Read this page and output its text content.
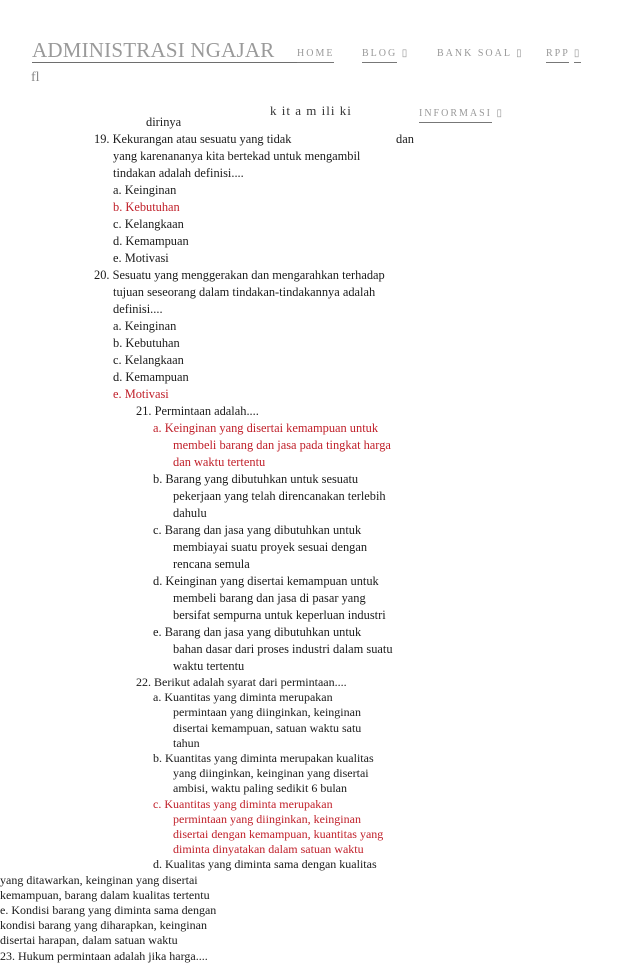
ADMINISTRASI NGAJAR
fl
HOME	BLOG ▯	BANK SOAL ▯ RPP ▯
INFORMASI ▯
k it a m ili ki
dirinya
19. Kekurangan atau sesuatu yang tidak	dan
yang karenananya kita bertekad untuk mengambil
tindakan adalah definisi....
a. Keinginan
b. Kebutuhan
c. Kelangkaan
d. Kemampuan
e. Motivasi
20. Sesuatu yang menggerakan dan mengarahkan terhadap
tujuan seseorang dalam tindakan-tindakannya adalah
definisi....
a. Keinginan
b. Kebutuhan
c. Kelangkaan
d. Kemampuan
e. Motivasi
21. Permintaan adalah....
a. Keinginan yang disertai kemampuan untuk
membeli barang dan jasa pada tingkat harga
dan waktu tertentu
b. Barang yang dibutuhkan untuk sesuatu
pekerjaan yang telah direncanakan terlebih
dahulu
c. Barang dan jasa yang dibutuhkan untuk
membiayai suatu proyek sesuai dengan
rencana semula
d. Keinginan yang disertai kemampuan untuk
membeli barang dan jasa di pasar yang
bersifat sempurna untuk keperluan industri
e. Barang dan jasa yang dibutuhkan untuk
bahan dasar dari proses industri dalam suatu
waktu tertentu
22. Berikut adalah syarat dari permintaan....
a. Kuantitas yang diminta merupakan
permintaan yang diinginkan, keinginan
disertai kemampuan, satuan waktu satu
tahun
b. Kuantitas yang diminta merupakan kualitas
yang diinginkan, keinginan yang disertai
ambisi, waktu paling sedikit 6 bulan
c. Kuantitas yang diminta merupakan
permintaan yang diinginkan, keinginan
disertai dengan kemampuan, kuantitas yang
diminta dinyatakan dalam satuan waktu
d. Kualitas yang diminta sama dengan kualitas
yang ditawarkan, keinginan yang disertai
kemampuan, barang dalam kualitas tertentu
e. Kondisi barang yang diminta sama dengan
kondisi barang yang diharapkan, keinginan
disertai harapan, dalam satuan waktu
23. Hukum permintaan adalah jika harga....
